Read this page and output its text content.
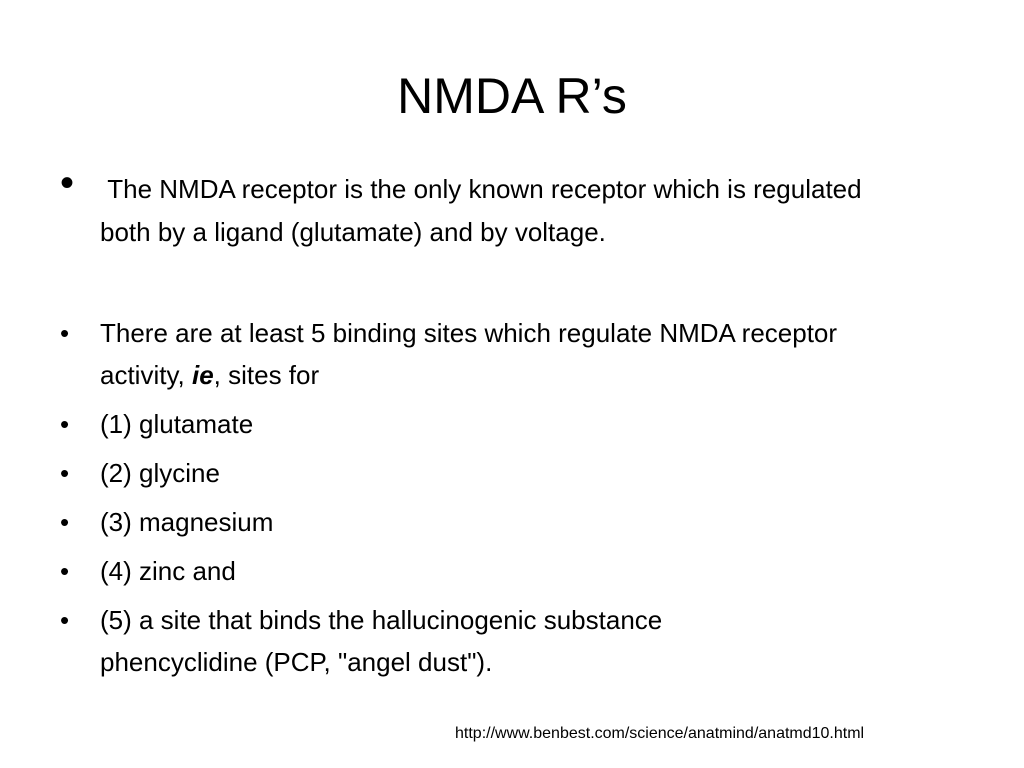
NMDA R’s
• The NMDA receptor is the only known receptor which is regulated both by a ligand (glutamate) and by voltage.
• There are at least 5 binding sites which regulate NMDA receptor activity, ie, sites for
• (1) glutamate
• (2) glycine
• (3) magnesium
• (4) zinc and
• (5) a site that binds the hallucinogenic substance phencyclidine (PCP, "angel dust").
http://www.benbest.com/science/anatmind/anatmd10.html
